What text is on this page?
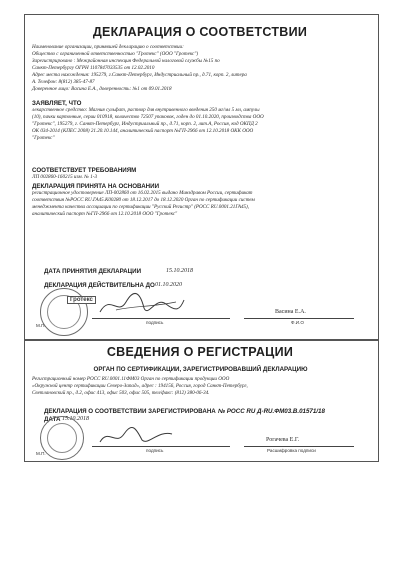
ДЕКЛАРАЦИЯ О СООТВЕТСТВИИ
Наименование организации, принявшей декларацию о соответствии:
Общество с ограниченной ответственностью "Гротекс" (ООО "Гротекс")
Зарегистрировано : Межрайонная инспекция Федеральной налоговой службы №15 по
Санкт-Петербургу ОГРН 1107847033535 от 12.02.2010
Адрес места нахождения: 195279, г.Санкт-Петербург, Индустриальный пр., д.71, корп. 2, литера
А. Телефон: 8(812) 385-47-87
Доверенное лицо: Васина Е.А., доверенность: №1 от 09.01.2018
ЗАЯВЛЯЕТ, ЧТО
лекарственное средство: Магния сульфат, раствор для внутривенного введения 250 мг/мл 5 мл, ампулы
(10), пачки картонные, серии 010918, количество 72507 упаковок, годен до 01.10.2020, производства ООО
"Гротекс", 195279, г. Санкт-Петербург, Индустриальный пр., д.71, корп. 2, лит.А, Россия, код ОКПД 2
ОК 034-2014 (КПЕС 2008) 21.20.10.144, аналитический паспорт №ГП-2966 от 12.10.2018 ОКК ООО
"Гротекс"
СООТВЕТСТВУЕТ ТРЕБОВАНИЯМ
ЛП 002860-160215 изм. № 1-3
ДЕКЛАРАЦИЯ ПРИНЯТА НА ОСНОВАНИИ
регистрационное удостоверение ЛП-002860 от 16.02.2015 выдано Минздравом России, сертификат
соответствия №РОСС RU.ГА45.К00280 от 18.12.2017 до 18.12.2020 Орган по сертификации систем
менеджмента качества ассоциации по сертификации "Русский Регистр" (РОСС RU.0001.21ГА45),
аналитический паспорт №ГП-2966 от 12.10.2018 ООО "Гротекс"
ДАТА ПРИНЯТИЯ ДЕКЛАРАЦИИ	15.10.2018
ДЕКЛАРАЦИЯ ДЕЙСТВИТЕЛЬНА ДО 01.10.2020
Гротекс
подпись
Васина Е.А.
Ф.И.О
М.П.
СВЕДЕНИЯ О РЕГИСТРАЦИИ
ОРГАН ПО СЕРТИФИКАЦИИ, ЗАРЕГИСТРИРОВАВШИЙ ДЕКЛАРАЦИЮ
Регистрационный номер РОСС RU.0001.11ФМ03 Орган по сертификации продукции ООО
«Окружной центр сертификации Северо-Запад», адрес : 194156, Россия, город Санкт-Петербург,
Светлановский пр., д.2, офис 413, офис 503, офис 505, тел/факс: (812) 380-06-34.
ДЕКЛАРАЦИЯ О СООТВЕТСТВИИ ЗАРЕГИСТРИРОВАНА № РОСС RU Д-RU.ФМ03.В.01571/18
ДАТА 15.10.2018
подпись
Рогачева Е.Г.
Расшифровка подписи
М.П.
